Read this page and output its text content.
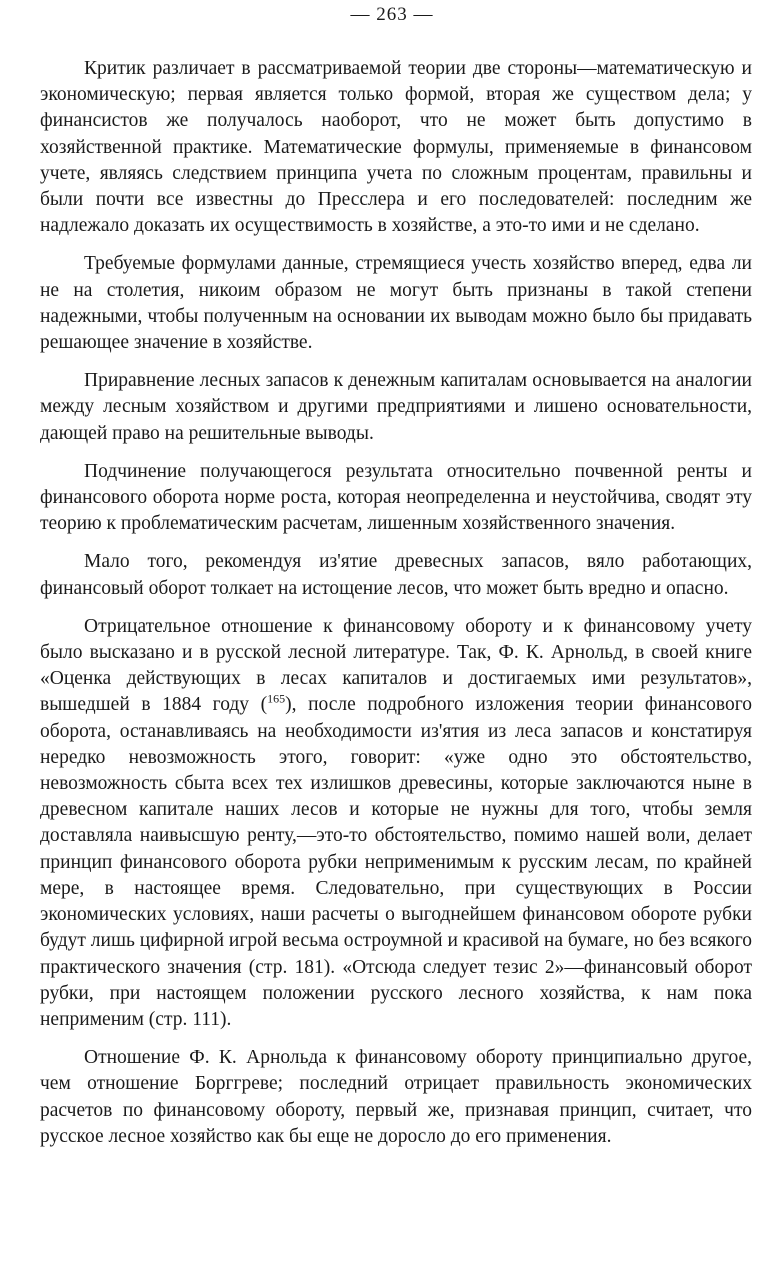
— 263 —

Критик различает в рассматриваемой теории две стороны—математическую и экономическую; первая является только формой, вторая же существом дела; у финансистов же получалось наоборот, что не может быть допустимо в хозяйственной практике. Математические формулы, применяемые в финансовом учете, являясь следствием принципа учета по сложным процентам, правильны и были почти все известны до Пресслера и его последователей: последним же надлежало доказать их осуществимость в хозяйстве, а это-то ими и не сделано.

Требуемые формулами данные, стремящиеся учесть хозяйство вперед, едва ли не на столетия, никоим образом не могут быть признаны в такой степени надежными, чтобы полученным на основании их выводам можно было бы придавать решающее значение в хозяйстве.

Приравнение лесных запасов к денежным капиталам основывается на аналогии между лесным хозяйством и другими предприятиями и лишено основательности, дающей право на решительные выводы.

Подчинение получающегося результата относительно почвенной ренты и финансового оборота норме роста, которая неопределенна и неустойчива, сводят эту теорию к проблематическим расчетам, лишенным хозяйственного значения.

Мало того, рекомендуя из'ятие древесных запасов, вяло работающих, финансовый оборот толкает на истощение лесов, что может быть вредно и опасно.

Отрицательное отношение к финансовому обороту и к финансовому учету было высказано и в русской лесной литературе. Так, Ф. К. Арнольд, в своей книге «Оценка действующих в лесах капиталов и достигаемых ими результатов», вышедшей в 1884 году ($^{165}$), после подробного изложения теории финансового оборота, останавливаясь на необходимости из'ятия из леса запасов и констатируя нередко невозможность этого, говорит: «уже одно это обстоятельство, невозможность сбыта всех тех излишков древесины, которые заключаются ныне в древесном капитале наших лесов и которые не нужны для того, чтобы земля доставляла наивысшую ренту,—это-то обстоятельство, помимо нашей воли, делает принцип финансового оборота рубки неприменимым к русским лесам, по крайней мере, в настоящее время. Следовательно, при существующих в России экономических условиях, наши расчеты о выгоднейшем финансовом обороте рубки будут лишь цифирной игрой весьма остроумной и красивой на бумаге, но без всякого практического значения (стр. 181). «Отсюда следует тезис 2»—финансовый оборот рубки, при настоящем положении русского лесного хозяйства, к нам пока неприменим (стр. 111).

Отношение Ф. К. Арнольда к финансовому обороту принципиально другое, чем отношение Борггреве; последний отрицает правильность экономических расчетов по финансовому обороту, первый же, признавая принцип, считает, что русское лесное хозяйство как бы еще не доросло до его применения.
